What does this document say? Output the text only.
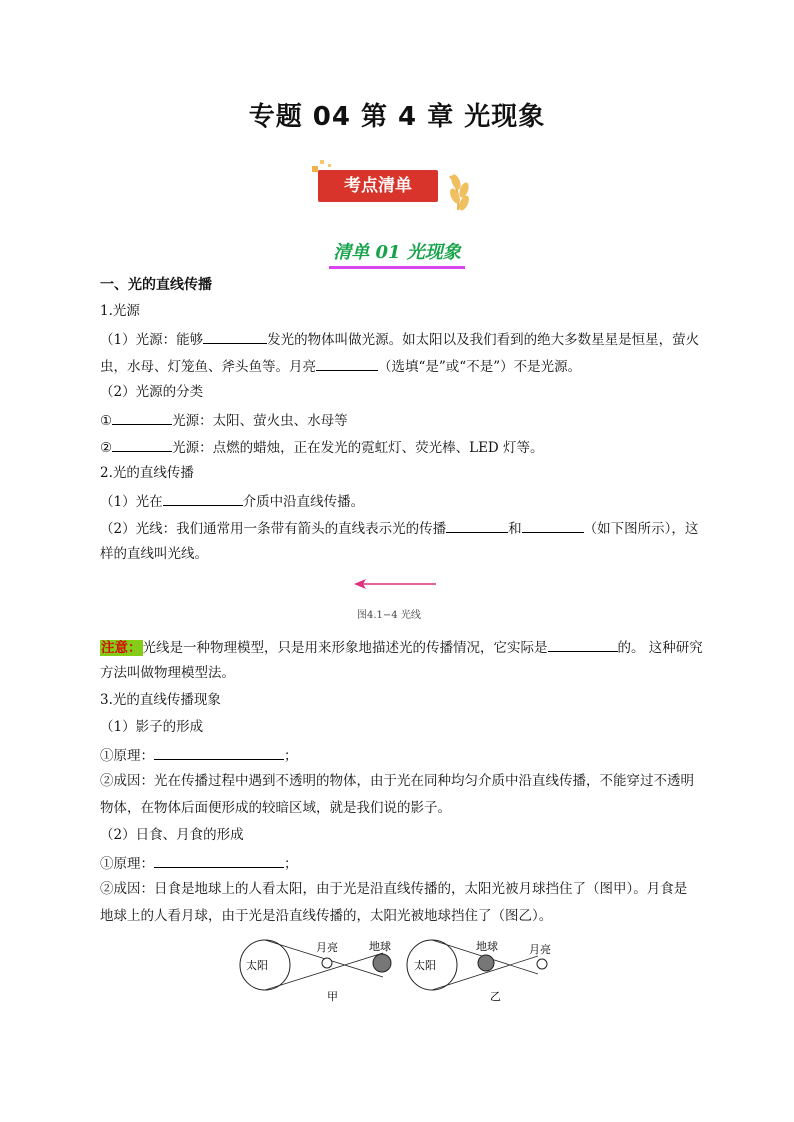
专题 04 第 4 章 光现象
考点清单
清单 01 光现象
一、光的直线传播
1.光源
（1）光源：能够	发光的物体叫做光源。如太阳以及我们看到的绝大多数星星是恒星，萤火
虫，水母、灯笼鱼、斧头鱼等。月亮	（选填“是”或“不是”）不是光源。
（2）光源的分类
①	光源：太阳、萤火虫、水母等
②	光源：点燃的蜡烛，正在发光的霓虹灯、荧光棒、LED 灯等。
2.光的直线传播
（1）光在	介质中沿直线传播。
（2）光线：我们通常用一条带有箭头的直线表示光的传播	和	（如下图所示），这
样的直线叫光线。
图4.1−4 光线
注意：光线是一种物理模型，只是用来形象地描述光的传播情况，它实际是	的。 这种研究
方法叫做物理模型法。
3.光的直线传播现象
（1）影子的形成
①原理：	；
②成因：光在传播过程中遇到不透明的物体，由于光在同种均匀介质中沿直线传播，不能穿过不透明
物体，在物体后面便形成的较暗区域，就是我们说的影子。
（2）日食、月食的形成
①原理：	；
②成因：日食是地球上的人看太阳，由于光是沿直线传播的，太阳光被月球挡住了（图甲）。月食是
地球上的人看月球，由于光是沿直线传播的，太阳光被地球挡住了（图乙）。
太阳
月亮	地球
甲
太阳
地球	月亮
乙
